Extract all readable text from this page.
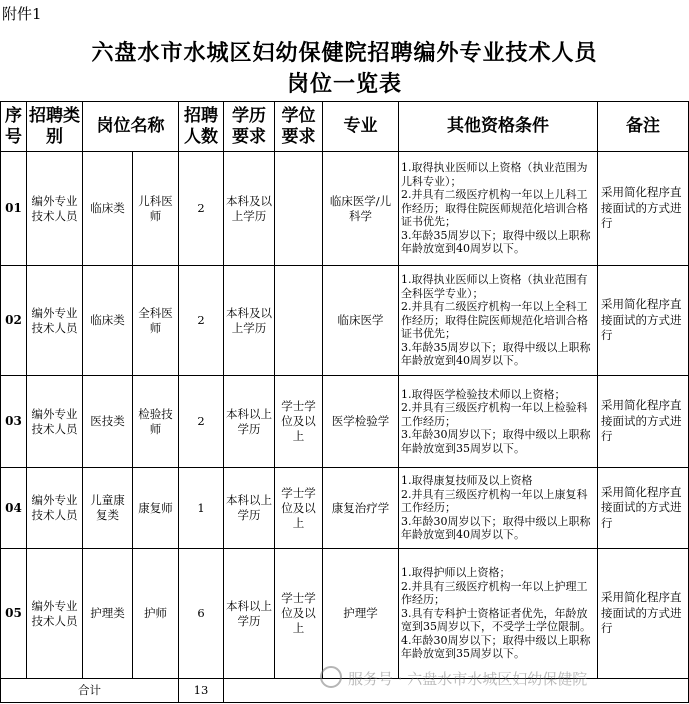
附件1
六盘水市水城区妇幼保健院招聘编外专业技术人员
岗位一览表
序号	招聘类别	岗位名称		招聘人数	学历要求	学位要求	专业	其他资格条件	备注
01	编外专业技术人员	临床类	儿科医师	2	本科及以上学历		临床医学/儿科学	1.取得执业医师以上资格（执业范围为儿科专业）；
2.并具有二级医疗机构一年以上儿科工作经历；取得住院医师规范化培训合格证书优先；
3.年龄35周岁以下；取得中级以上职称年龄放宽到40周岁以下。	采用简化程序直接面试的方式进行
02	编外专业技术人员	临床类	全科医师	2	本科及以上学历		临床医学	1.取得执业医师以上资格（执业范围有全科医学专业）；
2.并具有二级医疗机构一年以上全科工作经历；取得住院医师规范化培训合格证书优先；
3.年龄35周岁以下；取得中级以上职称年龄放宽到40周岁以下。	采用简化程序直接面试的方式进行
03	编外专业技术人员	医技类	检验技师	2	本科以上学历	学士学位及以上	医学检验学	1.取得医学检验技术师以上资格；
2.并具有三级医疗机构一年以上检验科工作经历；
3.年龄30周岁以下；取得中级以上职称年龄放宽到35周岁以下。	采用简化程序直接面试的方式进行
04	编外专业技术人员	儿童康复类	康复师	1	本科以上学历	学士学位及以上	康复治疗学	1.取得康复技师及以上资格
2.并具有三级医疗机构一年以上康复科工作经历；
3.年龄30周岁以下；取得中级以上职称年龄放宽到40周岁以下。	采用简化程序直接面试的方式进行
05	编外专业技术人员	护理类	护师	6	本科以上学历	学士学位及以上	护理学	1.取得护师以上资格；
2.并具有三级医疗机构一年以上护理工作经历；
3.具有专科护士资格证者优先，年龄放宽到35周岁以下，不受学士学位限制。
4.年龄30周岁以下；取得中级以上职称年龄放宽到35周岁以下。	采用简化程序直接面试的方式进行
合计				13					
服务号 · 六盘水市水城区妇幼保健院
